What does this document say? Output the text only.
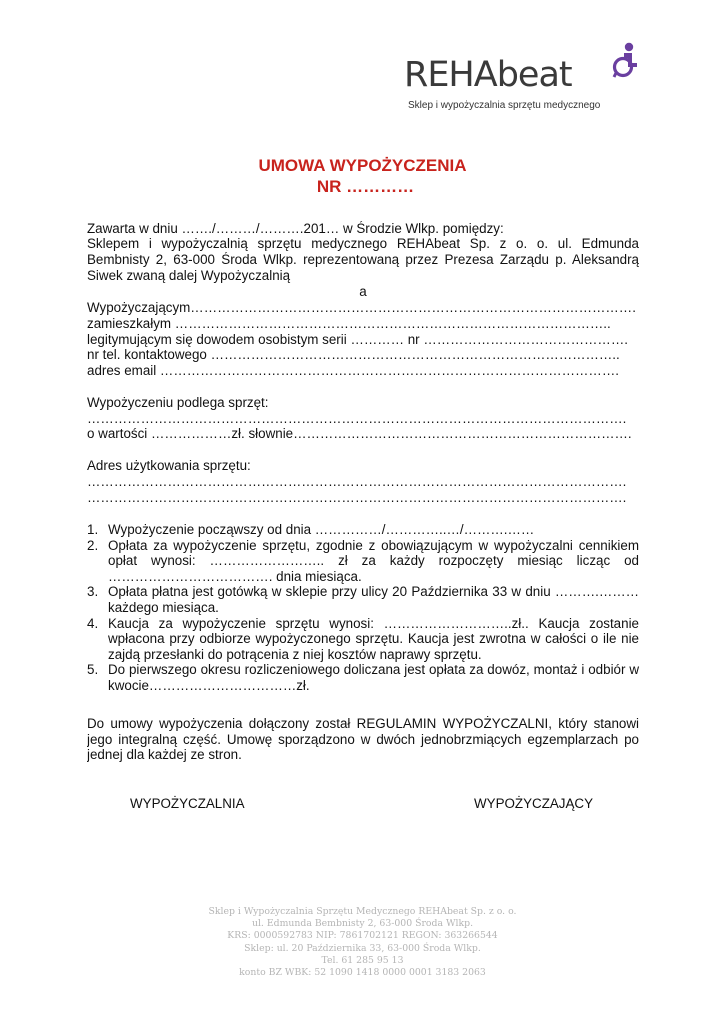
REHAbeat
Sklep i wypożyczalnia sprzętu medycznego
UMOWA WYPOŻYCZENIA
NR …………
Zawarta w dniu ……./………/……….201… w Środzie Wlkp. pomiędzy:
Sklepem i wypożyczalnią sprzętu medycznego REHAbeat Sp. z o. o. ul. Edmunda
Bembnisty 2, 63-000 Środa Wlkp. reprezentowaną przez Prezesa Zarządu p. Aleksandrą
Siwek zwaną dalej Wypożyczalnią
a
Wypożyczającym……………………………………………………………………………………….
zamieszkałym ……………………………………………………………………………………..
legitymującym się dowodem osobistym serii ………… nr ……………………………………….
nr tel. kontaktowego ………………………………………………………………………………..
adres email ………………………………………………………………………………………….
Wypożyczeniu podlega sprzęt:
………………………………………………………………………………………………………….
o wartości ………………zł. słownie………………………………………………………………….
Adres użytkowania sprzętu:
………………………………………………………………………………………………………….
………………………………………………………………………………………………………….
1. Wypożyczenie począwszy od dnia ……………/…………..…/……….……
2. Opłata za wypożyczenie sprzętu, zgodnie z obowiązującym w wypożyczalni cennikiem opłat wynosi: …………………….. zł za każdy rozpoczęty miesiąc licząc od ………………………………. dnia miesiąca.
3. Opłata płatna jest gotówką w sklepie przy ulicy 20 Października 33 w dniu ……….……… każdego miesiąca.
4. Kaucja za wypożyczenie sprzętu wynosi: ………………………..zł.. Kaucja zostanie wpłacona przy odbiorze wypożyczonego sprzętu. Kaucja jest zwrotna w całości o ile nie zajdą przesłanki do potrącenia z niej kosztów naprawy sprzętu.
5. Do pierwszego okresu rozliczeniowego doliczana jest opłata za dowóz, montaż i odbiór w kwocie……………………………zł.
Do umowy wypożyczenia dołączony został REGULAMIN WYPOŻYCZALNI, który stanowi jego integralną część. Umowę sporządzono w dwóch jednobrzmiących egzemplarzach po jednej dla każdej ze stron.
WYPOŻYCZALNIA	WYPOŻYCZAJĄCY
Sklep i Wypożyczalnia Sprzętu Medycznego REHAbeat Sp. z o. o.
ul. Edmunda Bembnisty 2, 63-000 Środa Wlkp.
KRS: 0000592783 NIP: 7861702121 REGON: 363266544
Sklep: ul. 20 Października 33, 63-000 Środa Wlkp.
Tel. 61 285 95 13
konto BZ WBK: 52 1090 1418 0000 0001 3183 2063
